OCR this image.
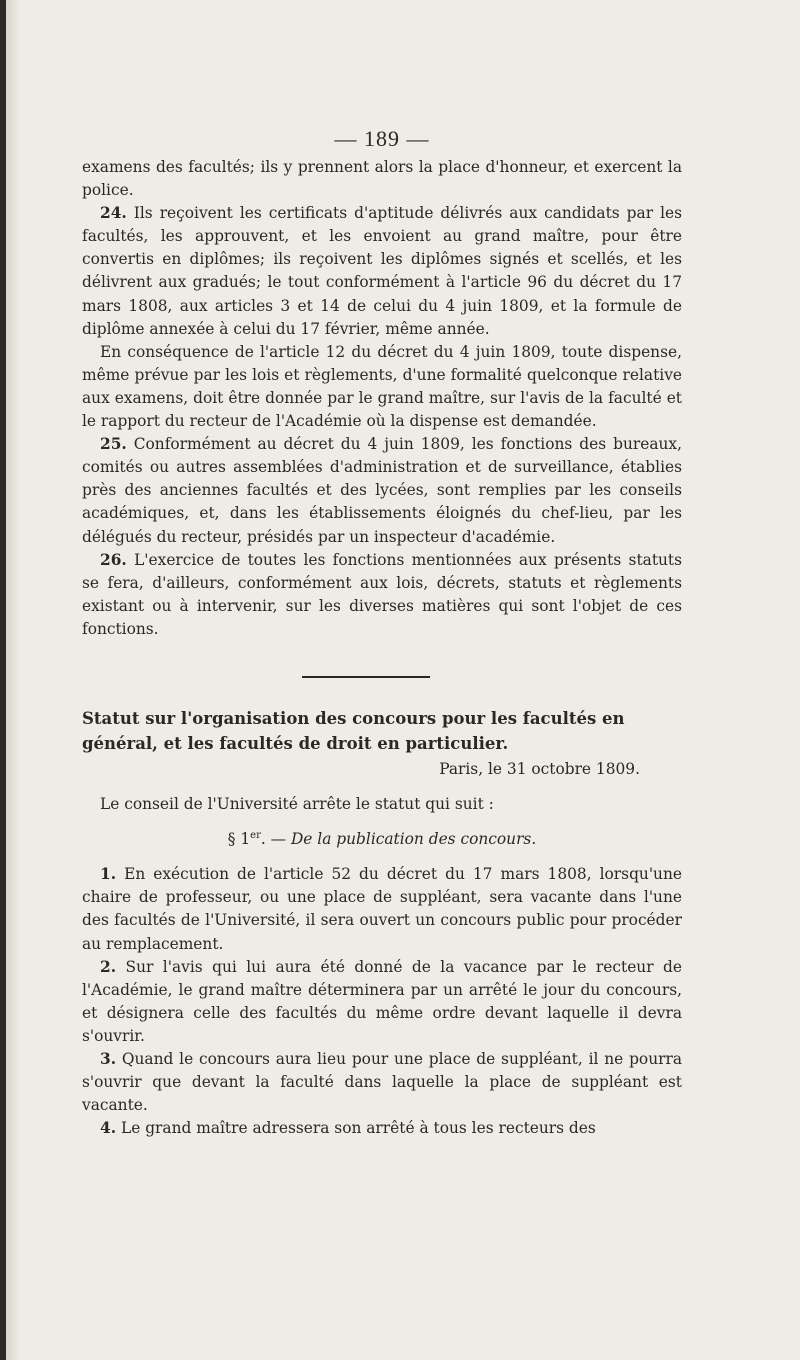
— 189 —

examens des facultés; ils y prennent alors la place d'honneur, et exercent la police.

24. Ils reçoivent les certificats d'aptitude délivrés aux candidats par les facultés, les approuvent, et les envoient au grand maître, pour être convertis en diplômes; ils reçoivent les diplômes signés et scellés, et les délivrent aux gradués; le tout conformément à l'article 96 du décret du 17 mars 1808, aux articles 3 et 14 de celui du 4 juin 1809, et la formule de diplôme annexée à celui du 17 février, même année.

En conséquence de l'article 12 du décret du 4 juin 1809, toute dispense, même prévue par les lois et règlements, d'une formalité quelconque relative aux examens, doit être donnée par le grand maître, sur l'avis de la faculté et le rapport du recteur de l'Académie où la dispense est demandée.

25. Conformément au décret du 4 juin 1809, les fonctions des bureaux, comités ou autres assemblées d'administration et de surveillance, établies près des anciennes facultés et des lycées, sont remplies par les conseils académiques, et, dans les établissements éloignés du chef-lieu, par les délégués du recteur, présidés par un inspecteur d'académie.

26. L'exercice de toutes les fonctions mentionnées aux présents statuts se fera, d'ailleurs, conformément aux lois, décrets, statuts et règlements existant ou à intervenir, sur les diverses matières qui sont l'objet de ces fonctions.

Statut sur l'organisation des concours pour les facultés en général, et les facultés de droit en particulier.

Paris, le 31 octobre 1809.

Le conseil de l'Université arrête le statut qui suit :

§ 1er. — De la publication des concours.

1. En exécution de l'article 52 du décret du 17 mars 1808, lorsqu'une chaire de professeur, ou une place de suppléant, sera vacante dans l'une des facultés de l'Université, il sera ouvert un concours public pour procéder au remplacement.

2. Sur l'avis qui lui aura été donné de la vacance par le recteur de l'Académie, le grand maître déterminera par un arrêté le jour du concours, et désignera celle des facultés du même ordre devant laquelle il devra s'ouvrir.

3. Quand le concours aura lieu pour une place de suppléant, il ne pourra s'ouvrir que devant la faculté dans laquelle la place de suppléant est vacante.

4. Le grand maître adressera son arrêté à tous les recteurs des
